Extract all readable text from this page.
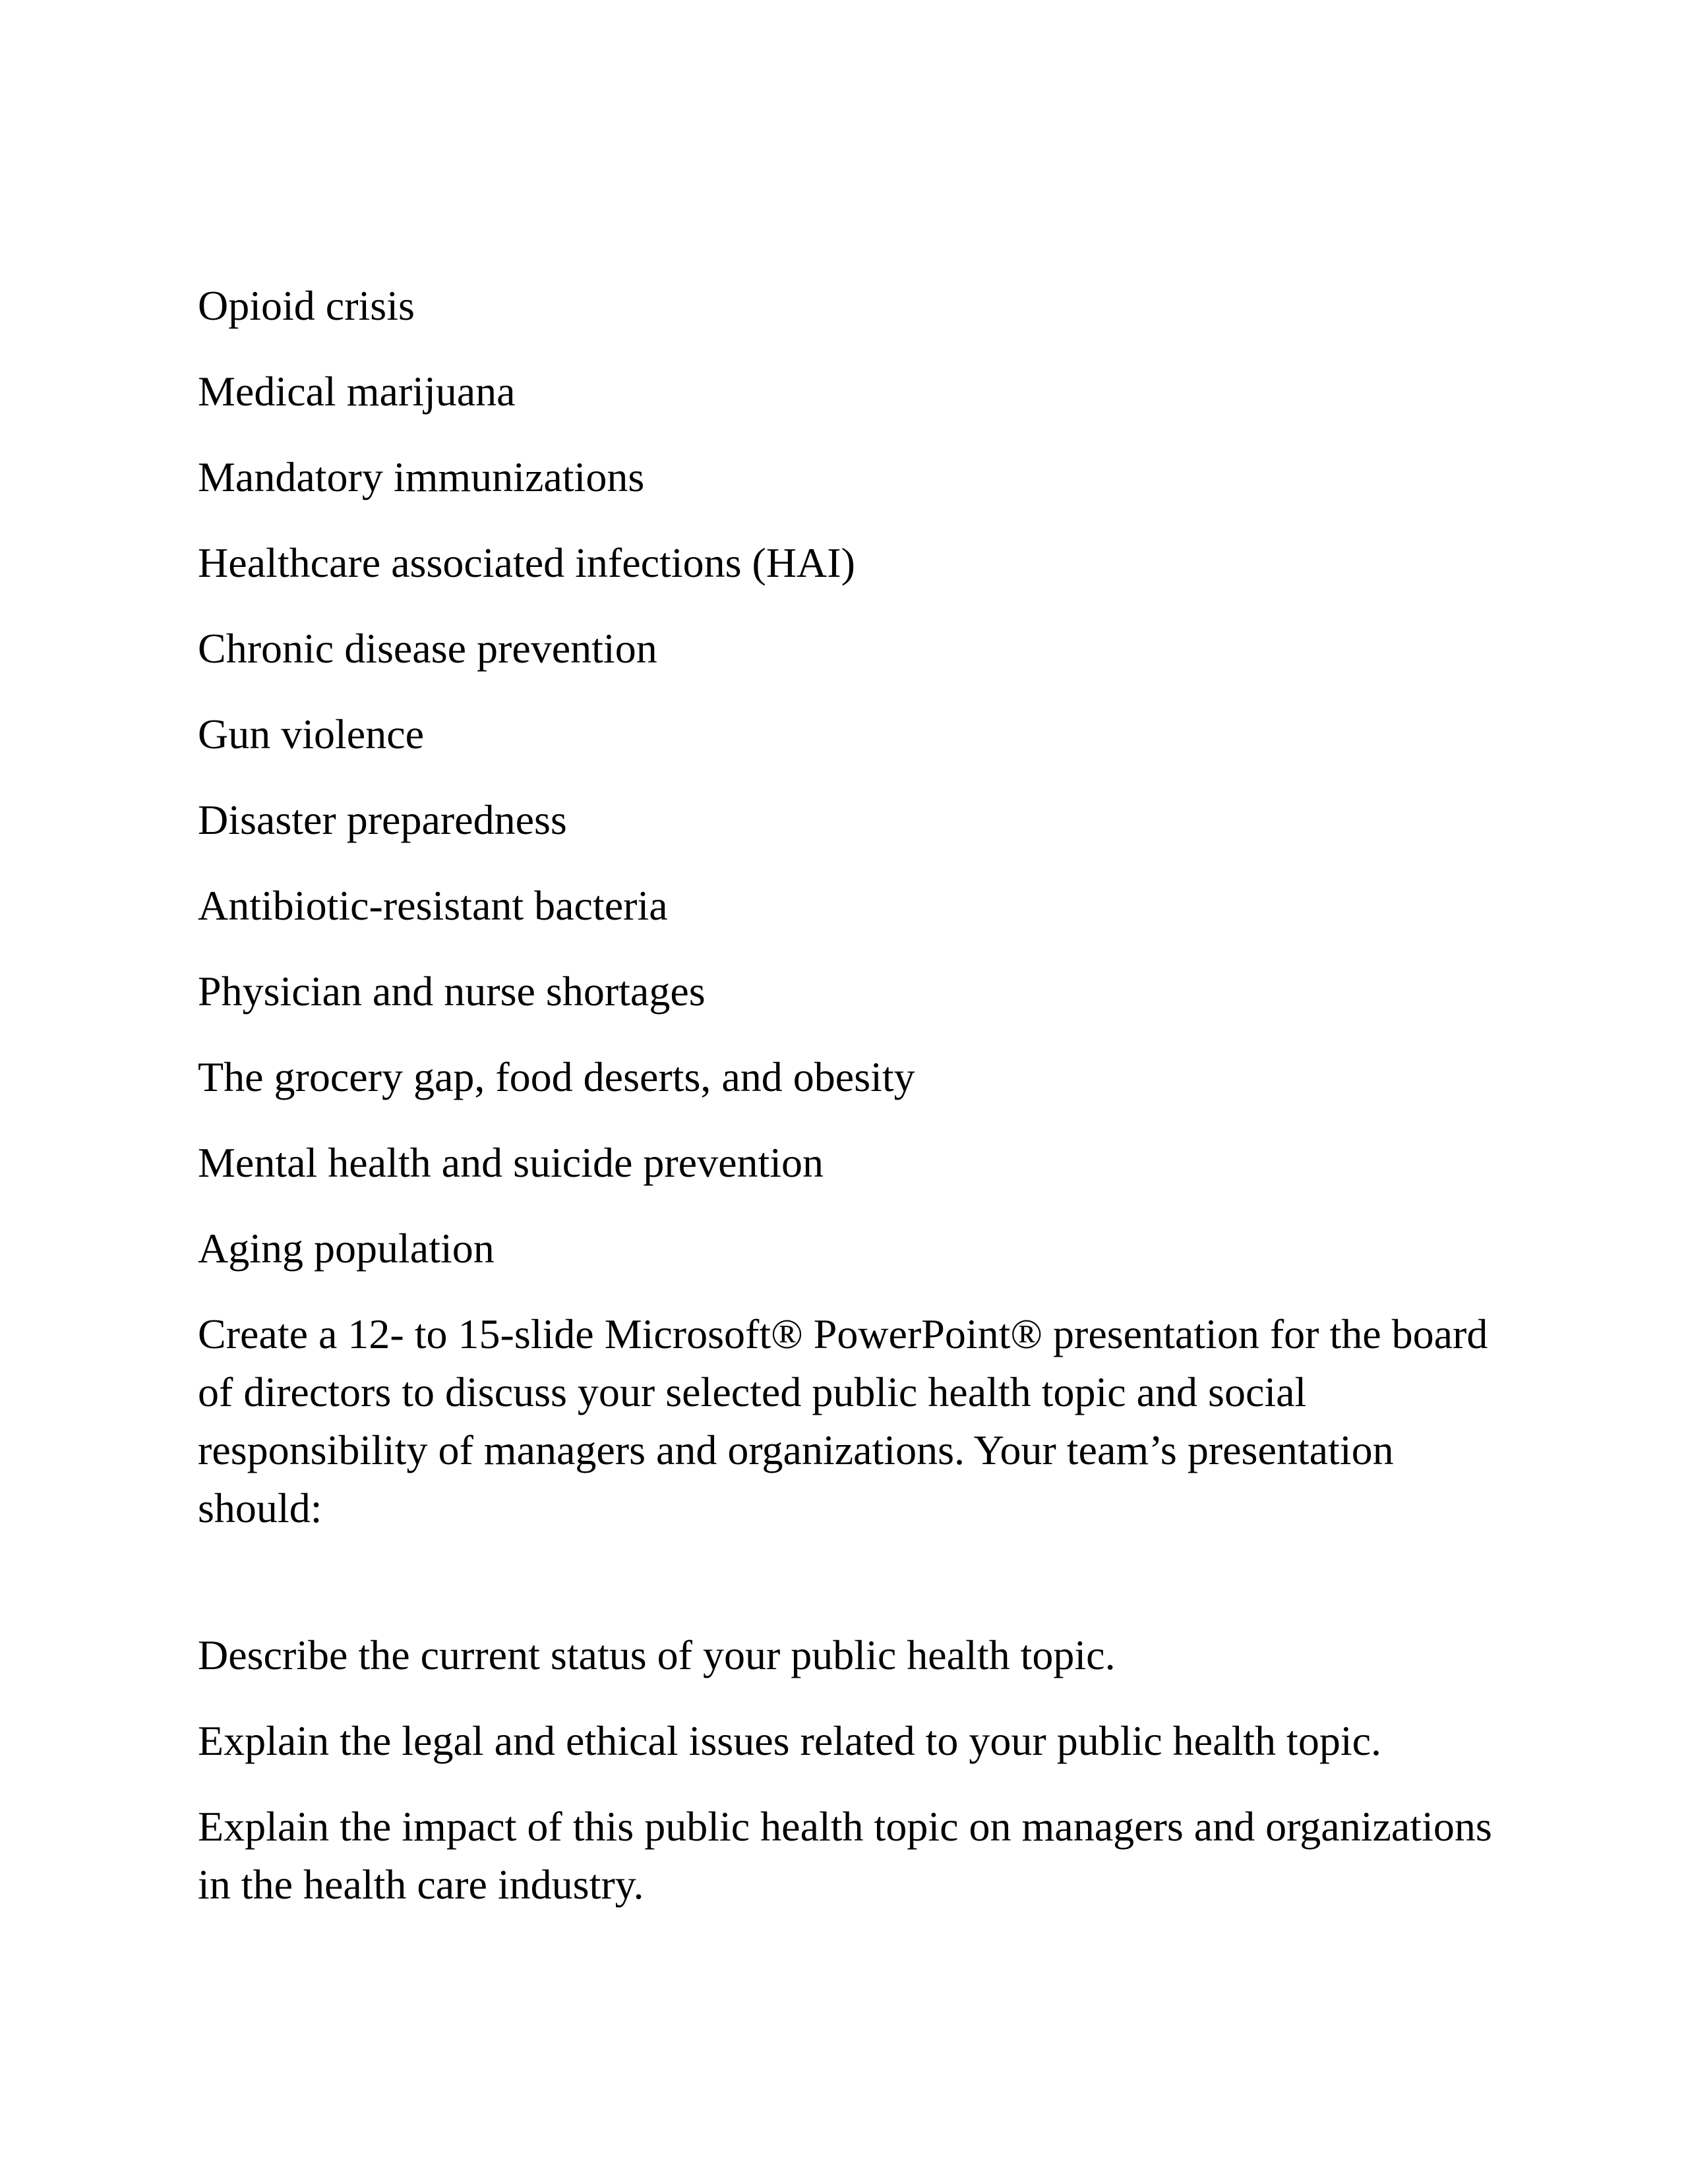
Opioid crisis
Medical marijuana
Mandatory immunizations
Healthcare associated infections (HAI)
Chronic disease prevention
Gun violence
Disaster preparedness
Antibiotic-resistant bacteria
Physician and nurse shortages
The grocery gap, food deserts, and obesity
Mental health and suicide prevention
Aging population

Create a 12- to 15-slide Microsoft® PowerPoint® presentation for the board of directors to discuss your selected public health topic and social responsibility of managers and organizations. Your team’s presentation should:

Describe the current status of your public health topic.

Explain the legal and ethical issues related to your public health topic.

Explain the impact of this public health topic on managers and organizations in the health care industry.
